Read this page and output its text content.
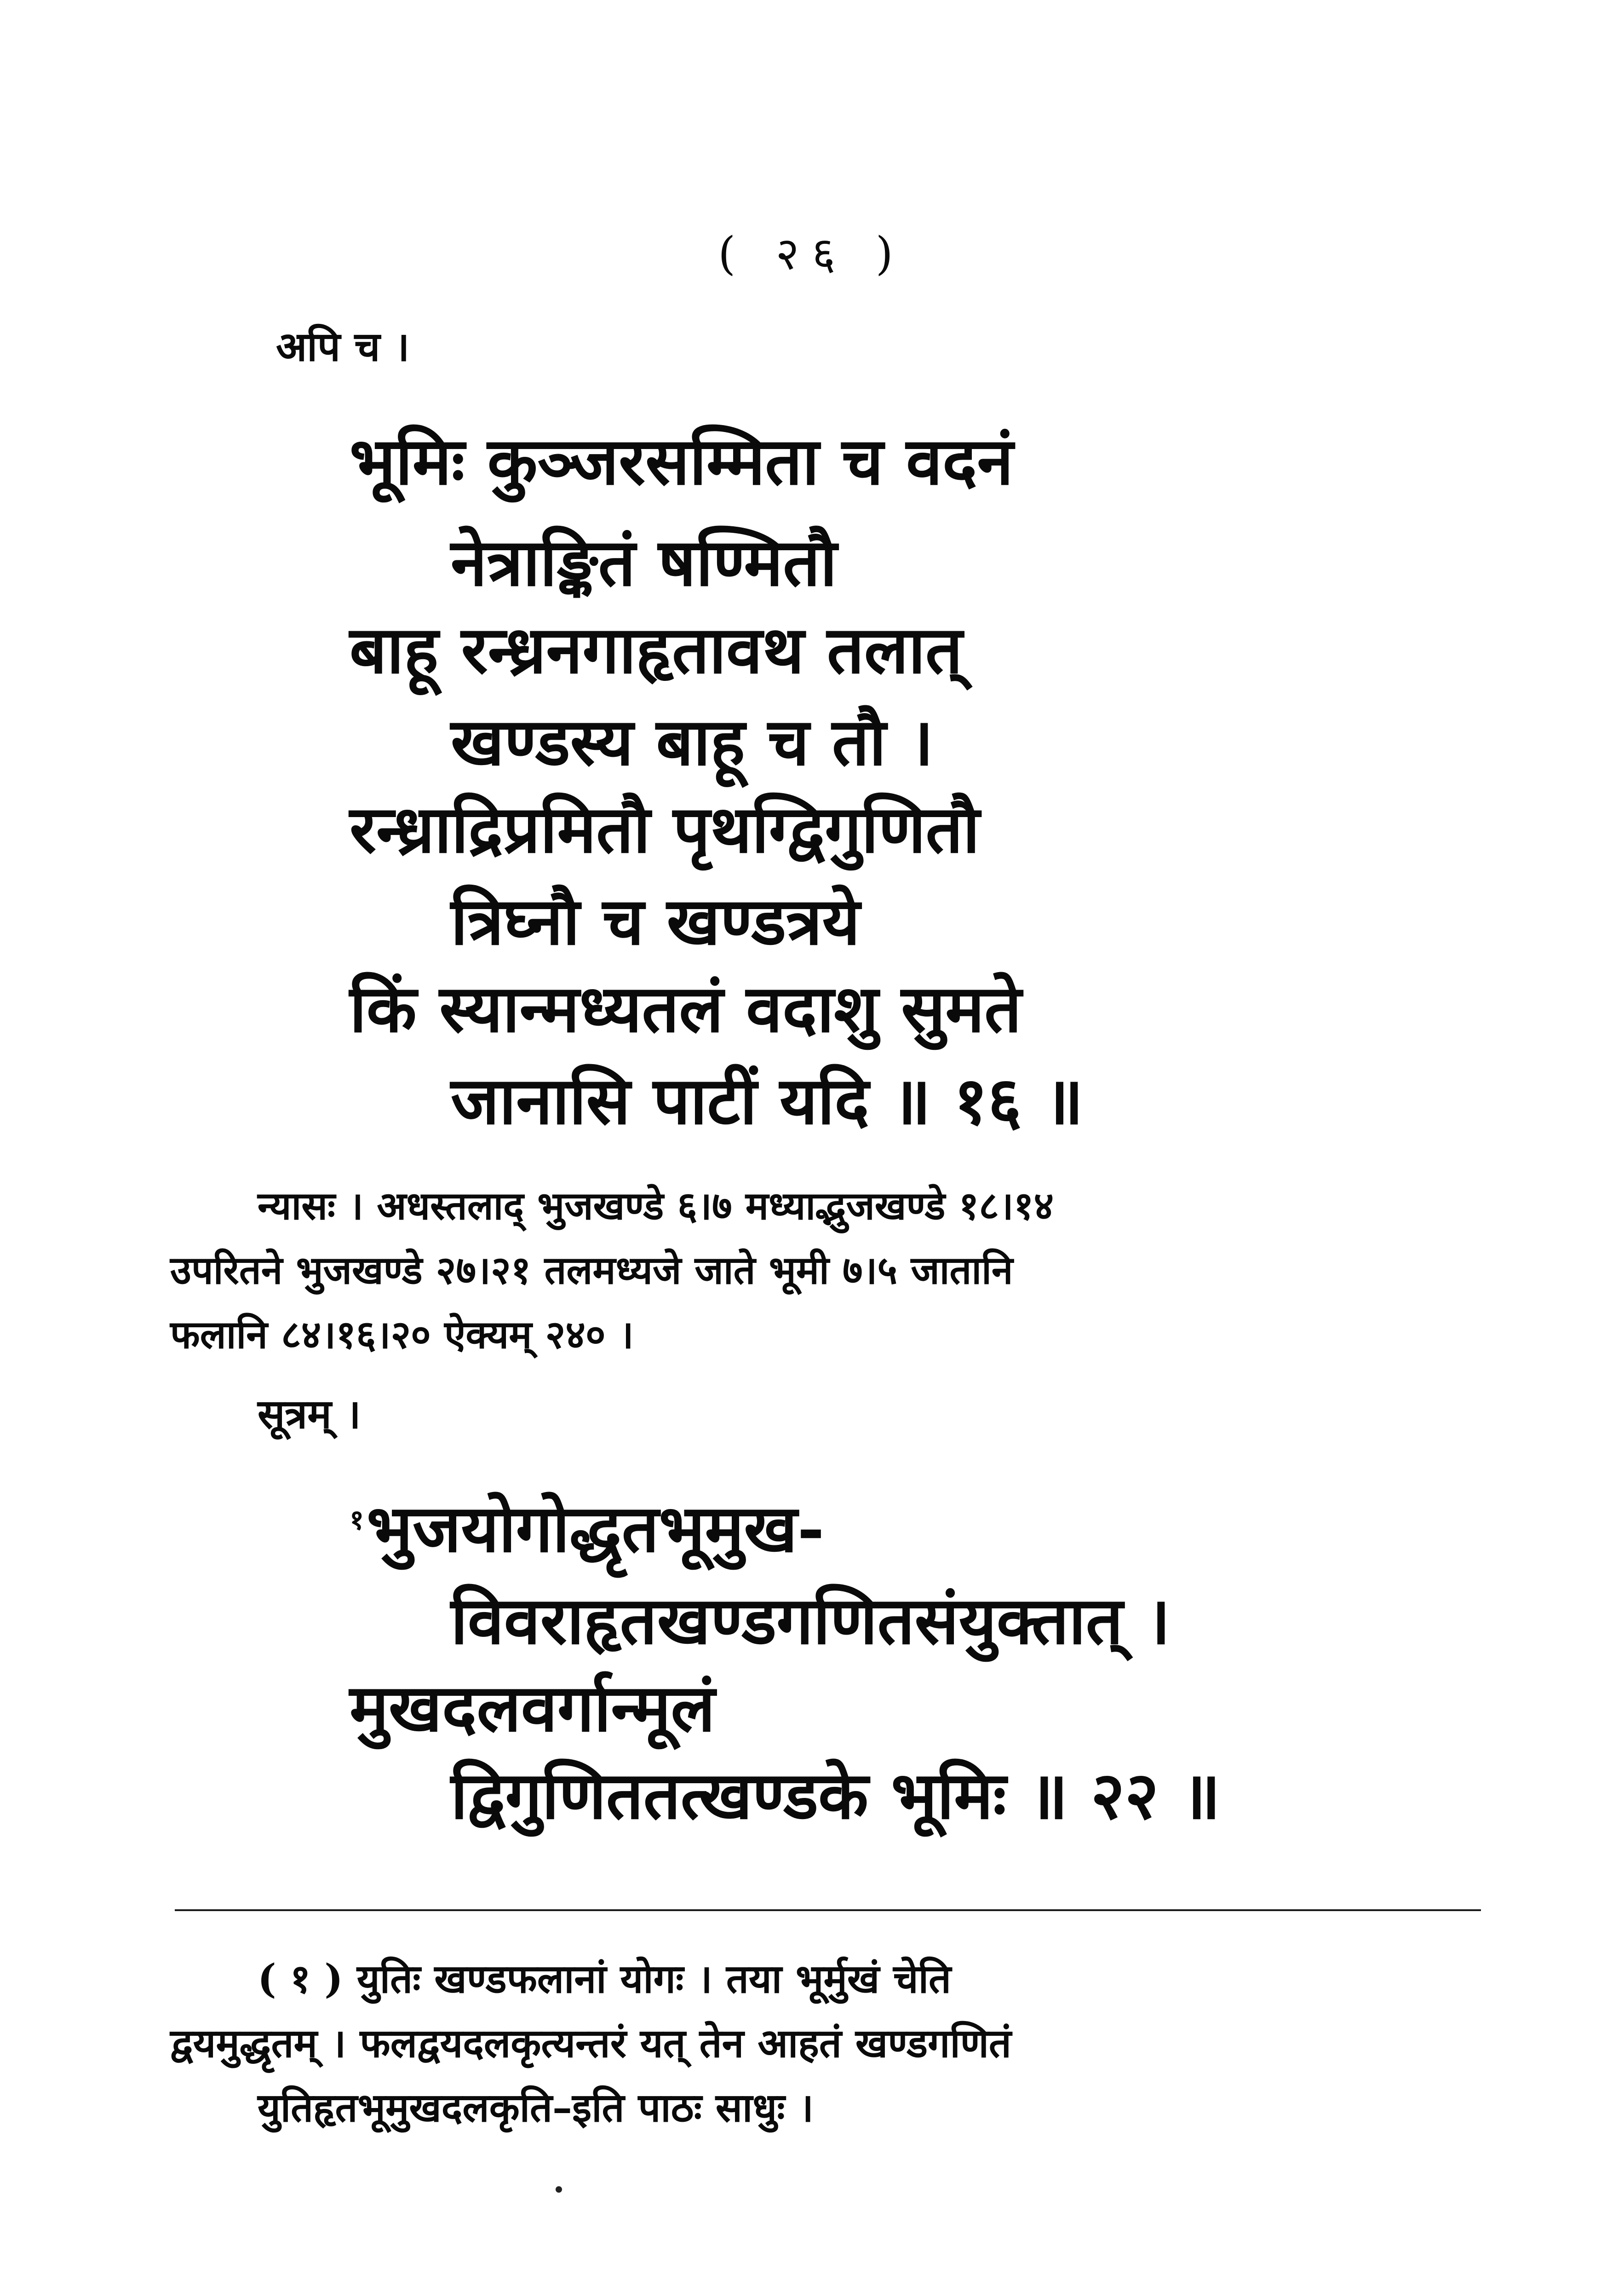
( २६ )
अपि च ।
भूमिः कुञ्जरसम्मिता च वदनं
नेत्राङ्कितं षण्मितौ
बाहू रन्ध्रनगाहृतावथ तलात्
खण्डस्य बाहू च तौ ।
रन्ध्राद्रिप्रमितौ पृथग्द्विगुणितौ
त्रिघ्नौ च खण्डत्रये
किं स्यान्मध्यतलं वदाशु सुमते
जानासि पाटीं यदि ॥ १६ ॥
न्यासः । अधस्तलाद् भुजखण्डे ६।७ मध्याद्भुजखण्डे १८।१४
उपरितने भुजखण्डे २७।२१ तलमध्यजे जाते भूमी ७।५ जातानि
फलानि ८४।१६।२० ऐक्यम् २४० ।
सूत्रम् ।
$^१$भुजयोगोद्धृतभूमुख-
विवराहृतखण्डगणितसंयुक्तात् ।
मुखदलवर्गान्मूलं
द्विगुणिततत्खण्डके भूमिः ॥ २२ ॥
( १ ) युतिः खण्डफलानां योगः । तया भूर्मुखं चेति
द्वयमुद्धृतम् । फलद्वयदलकृत्यन्तरं यत् तेन आहतं खण्डगणितं
युतिहृतभूमुखदलकृति–इति पाठः साधुः ।
